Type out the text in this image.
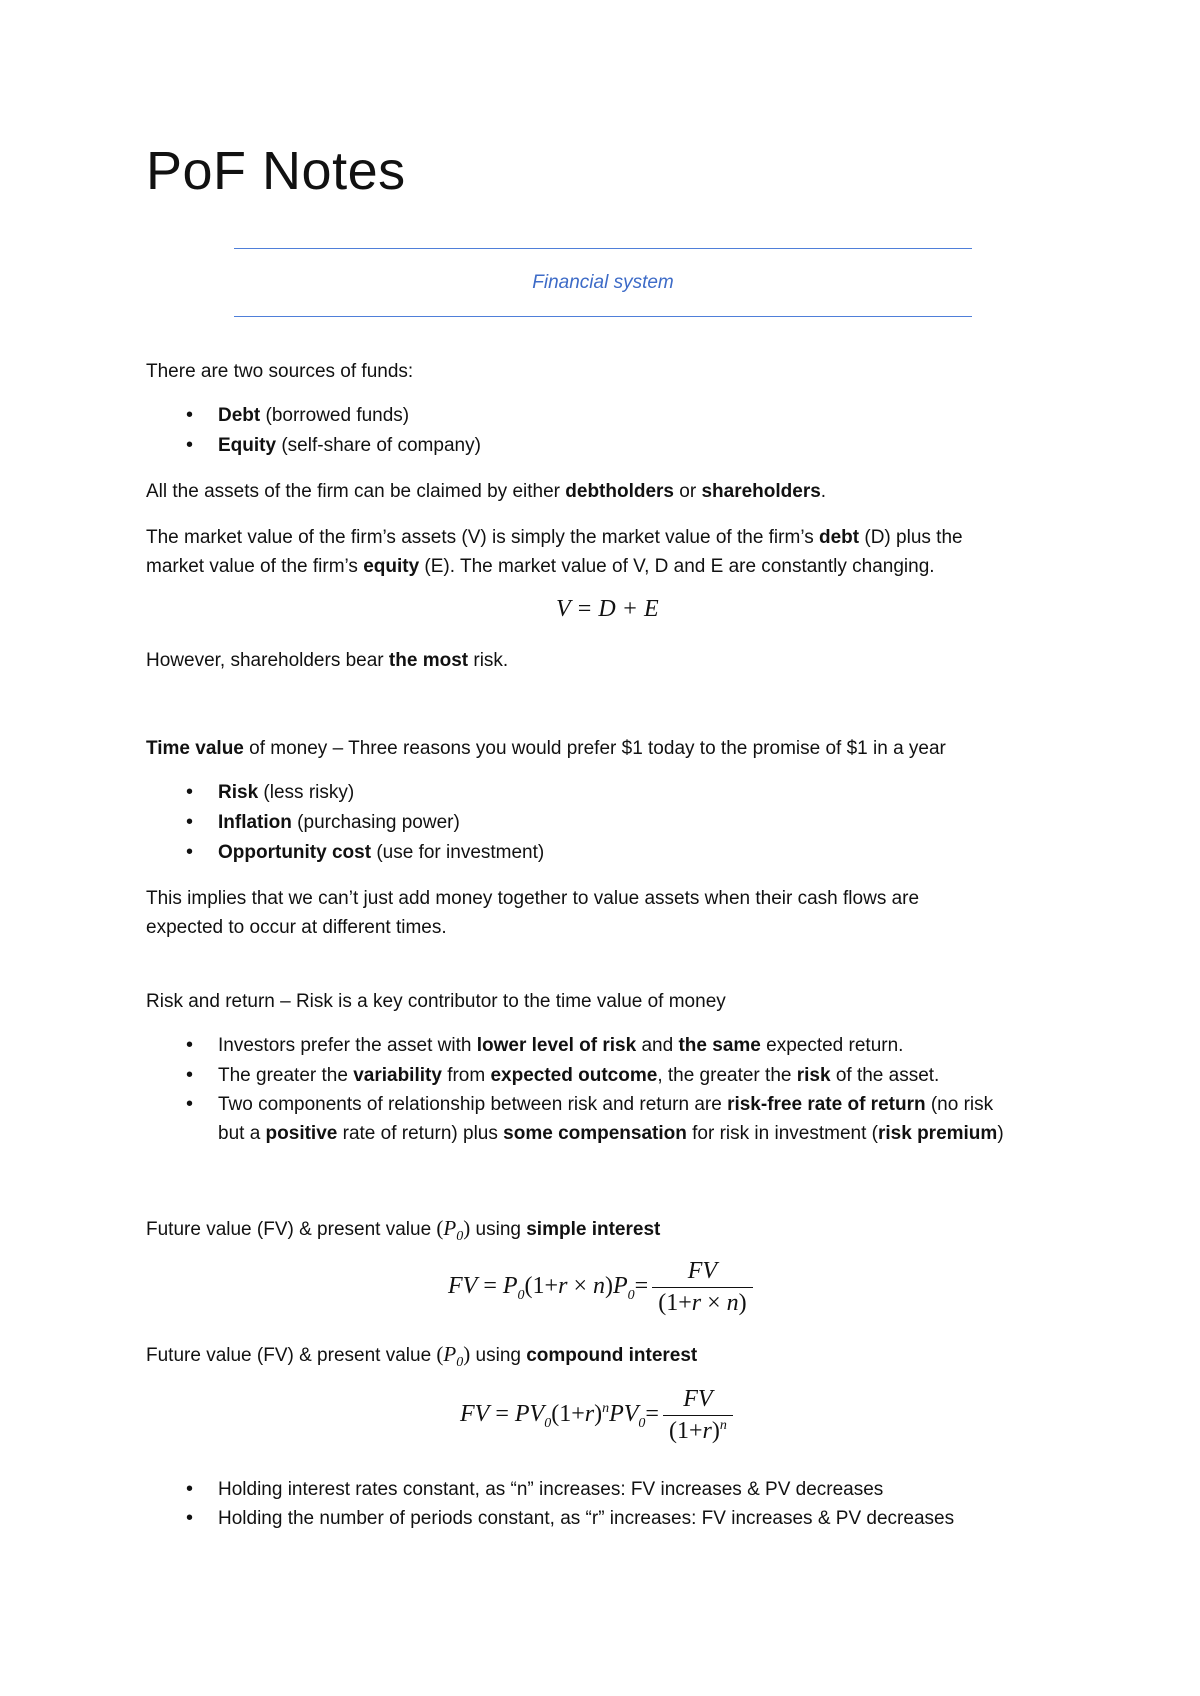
PoF Notes
Financial system
There are two sources of funds:
•Debt (borrowed funds)
•Equity (self-share of company)
All the assets of the firm can be claimed by either debtholders or shareholders.
The market value of the firm’s assets (V) is simply the market value of the firm’s debt (D) plus the
market value of the firm’s equity (E). The market value of V, D and E are constantly changing.
V = D + E
However, shareholders bear the most risk.
Time value of money – Three reasons you would prefer $1 today to the promise of $1 in a year
•Risk (less risky)
•Inflation (purchasing power)
•Opportunity cost (use for investment)
This implies that we can’t just add money together to value assets when their cash flows are
expected to occur at different times.
Risk and return – Risk is a key contributor to the time value of money
•Investors prefer the asset with lower level of risk and the same expected return.
•The greater the variability from expected outcome, the greater the risk of the asset.
•Two components of relationship between risk and return are risk-free rate of return (no risk
but a positive rate of return) plus some compensation for risk in investment (risk premium)
Future value (FV) & present value $(P_0)$ using simple interest
FV = $P_0(1+r \times n)P_0= \frac{FV}{(1+r \times n)}$
Future value (FV) & present value $(P_0)$ using compound interest
FV = $PV_0(1+r)^nPV_0= \frac{FV}{(1+r)^n}$
•Holding interest rates constant, as “n” increases: FV increases & PV decreases
•Holding the number of periods constant, as “r” increases: FV increases & PV decreases
